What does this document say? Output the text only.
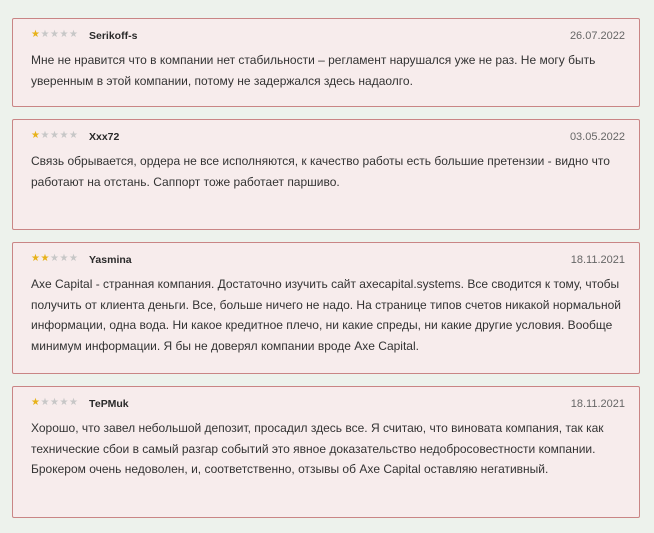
★ ★ ★ ★ ★ Serikoff-s	26.07.2022
Мне не нравится что в компании нет стабильности – регламент нарушался уже не раз. Не могу быть уверенным в этой компании, потому не задержался здесь надаолго.
★ ★ ★ ★ ★ Xxx72	03.05.2022
Связь обрывается, ордера не все исполняются, к качество работы есть большие претензии - видно что работают на отстань. Саппорт тоже работает паршиво.
★ ★ ★ ★ ★ Yasmina	18.11.2021
Axe Capital - странная компания. Достаточно изучить сайт axecapital.systems. Все сводится к тому, чтобы получить от клиента деньги. Все, больше ничего не надо. На странице типов счетов никакой нормальной информации, одна вода. Ни какое кредитное плечо, ни какие спреды, ни какие другие условия. Вообще минимум информации. Я бы не доверял компании вроде Axe Capital.
★ ★ ★ ★ ★ ТеРМuk	18.11.2021
Хорошо, что завел небольшой депозит, просадил здесь все. Я считаю, что виновата компания, так как технические сбои в самый разгар событий это явное доказательство недобросовестности компании. Брокером очень недоволен, и, соответственно, отзывы об Axe Capital оставляю негативный.
